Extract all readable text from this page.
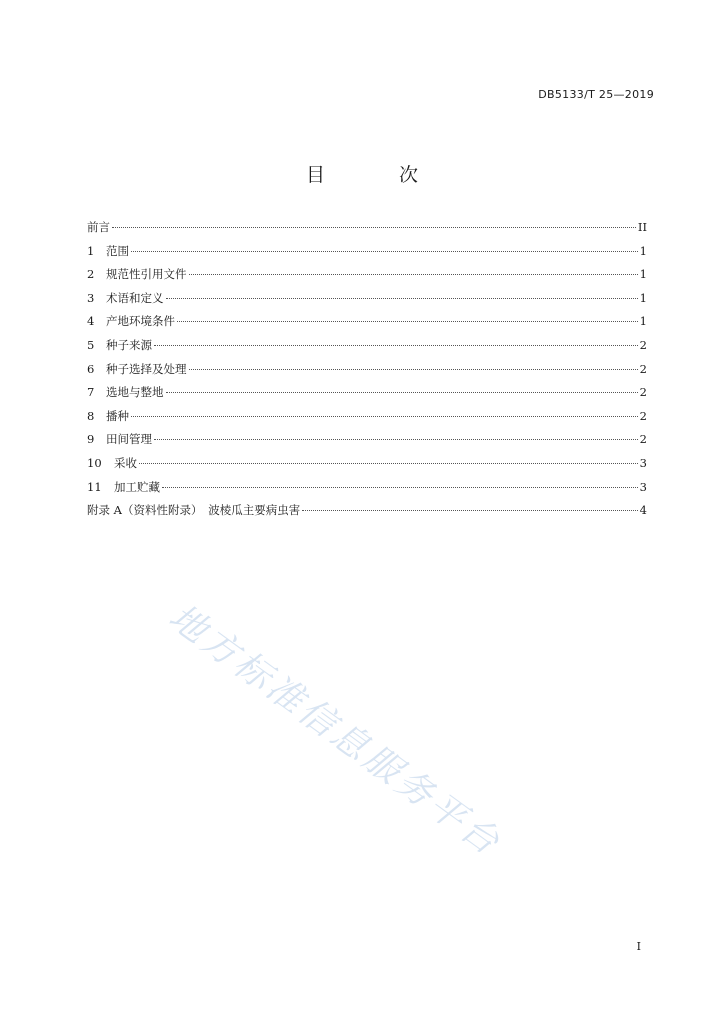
DB5133/T 25—2019
目 次
前言	II
1	范围	1
2	规范性引用文件	1
3	术语和定义	1
4	产地环境条件	1
5	种子来源	2
6	种子选择及处理	2
7	选地与整地	2
8	播种	2
9	田间管理	2
10	采收	3
11	加工贮藏	3
附录 A（资料性附录）　波棱瓜主要病虫害	4
地方标准信息服务平台
I
